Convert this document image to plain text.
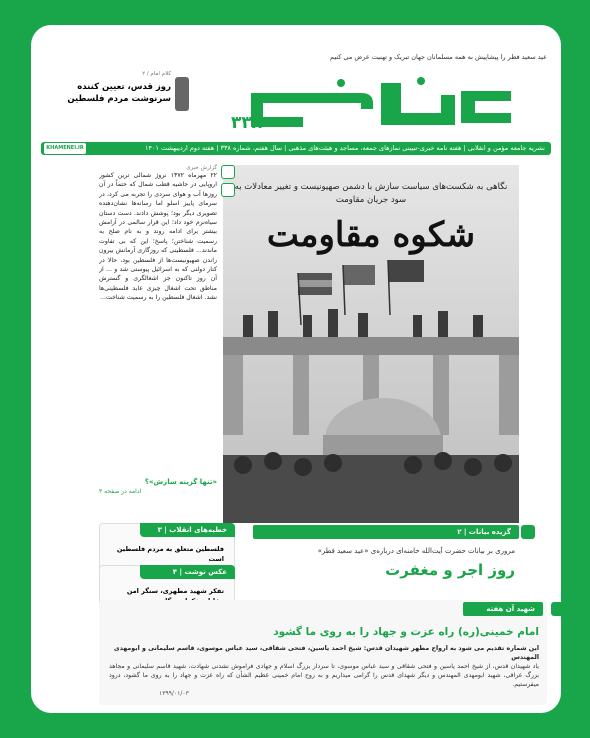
عید سعید فطر را پیشاپیش به همه مسلمانان جهان تبریک و تهنیت عرض می کنیم
۳۳۸
کلام امام / ۲
روز قدس، تعیین کننده سرنوشت مردم فلسطین
نشریه جامعه مؤمن و انقلابی | هفته نامه خبری-تبیینی نمازهای جمعه، مساجد و هیئت‌های مذهبی | سال هفتم، شماره ۳۳۸ | هفته دوم اردیبهشت ۱۴۰۱
KHAMENEI.IR
نگاهی به شکست‌های سیاست سازش با دشمن صهیونیست و تغییر معادلات به سود جریان مقاومت
شکوه مقاومت
گزارش خبری
۲۲ مهرماه ۱۳۷۲ نروژ شمالی ترین کشور اروپایی در حاشیه قطب شمال که حتماً در آن روزها آب و هوای سردی را تجربه می کرد، در سرمای پاییز اسلو اما رسانه‌ها نشان‌دهنده تصویری دیگر بود؛ پوشش دادند. دست دستان سیاه‌نرم خود داد؛ این قرار سالمی در آرامش بیشتر برای ادامه روند و به نام صلح به رسمیت شناختن؛ پاسخ؛ این که بی تفاوت ماندند... فلسطینی که روزگاری آرمانش بیرون راندن صهیونیست‌ها از فلسطین بود، حالا در کنار دولتی که به اسرائیل پیوستی شد و ... از آن روز تاکنون جز اشغالگری و گسترش مناطق تحت اشغال چیزی عاید فلسطینی‌ها نشد. اشغال فلسطین را به رسمیت شناخت...
«تنها گزینه سازش»؟
ادامه در صفحه ۳
خطبه‌های انقلاب | ۳
فلسطین متعلق به مردم فلسطین است
عکس نوشت | ۴
تفکر شهید مطهری، سنگر امن
گزیده بیانات | ۲
مروری بر بیانات حضرت آیت‌الله خامنه‌ای درباره‌ی «عید سعید فطر»
روز اجر و مغفرت
شهید آن هفته
امام خمینی(ره) راه عزت و جهاد را به روی ما گشود
این شماره تقدیم می شود به ارواح مطهر شهیدان قدس: شیخ احمد یاسین، فتحی شقاقی، سید عباس موسوی، قاسم سلیمانی و ابومهدی المهندس
یاد شهیدان قدس، از شیخ احمد یاسین و فتحی شقاقی و سید عباس موسوی، تا سردار بزرگ اسلام و جهادی فراموش نشدنی شهادت، شهید قاسم سلیمانی و مجاهد بزرگ عراقی، شهید ابومهدی المهندس و دیگر شهدای قدس را گرامی میداریم و به روح امام خمینی عظیم الشأن که راه عزت و جهاد را به روی ما گشود، درود میفرستیم.
۱۳۹۹/۰۱/۰۳
